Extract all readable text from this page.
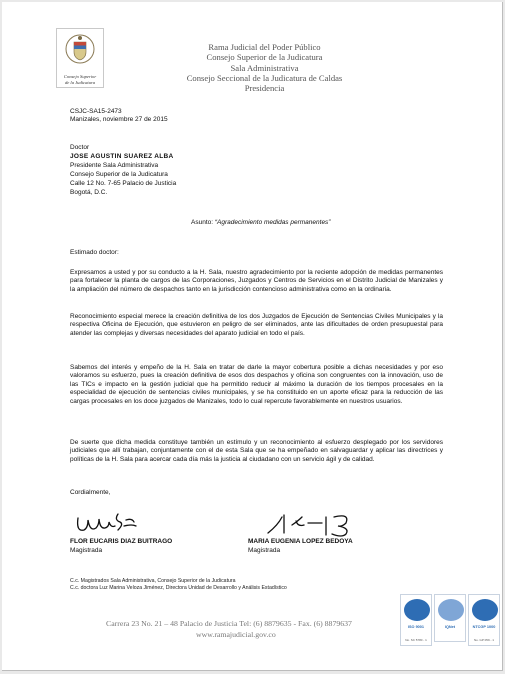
Consejo Superior
de la Judicatura
Rama Judicial del Poder Público
Consejo Superior de la Judicatura
Sala Administrativa
Consejo Seccional de la Judicatura de Caldas
Presidencia
CSJC-SA15-2473
Manizales, noviembre 27 de 2015
Doctor
JOSE AGUSTIN SUAREZ ALBA
Presidente Sala Administrativa
Consejo Superior de la Judicatura
Calle 12 No. 7-65 Palacio de Justicia
Bogotá, D.C.
Asunto: “Agradecimiento medidas permanentes”
Estimado doctor:
Expresamos a usted y por su conducto a la H. Sala, nuestro agradecimiento por la reciente adopción de medidas permanentes para fortalecer la planta de cargos de las Corporaciones, Juzgados y Centros de Servicios en el Distrito Judicial de Manizales y la ampliación del número de despachos tanto en la jurisdicción contencioso administrativa como en la ordinaria.
Reconocimiento especial merece la creación definitiva de los dos Juzgados de Ejecución de Sentencias Civiles Municipales y la respectiva Oficina de Ejecución, que estuvieron en peligro de ser eliminados, ante las dificultades de orden presupuestal para atender las complejas y diversas necesidades del aparato judicial en todo el país.
Sabemos del interés y empeño de la H. Sala en tratar de darle la mayor cobertura posible a dichas necesidades y por eso valoramos su esfuerzo, pues la creación definitiva de esos dos despachos y oficina son congruentes con la innovación, uso de las TICs e impacto en la gestión judicial que ha permitido reducir al máximo la duración de los tiempos procesales en la especialidad de ejecución de sentencias civiles municipales, y se ha constituido en un aporte eficaz para la reducción de las cargas procesales en los doce juzgados de Manizales, todo lo cual repercute favorablemente en nuestros usuarios.
De suerte que dicha medida constituye también un estímulo y un reconocimiento al esfuerzo desplegado por los servidores judiciales que allí trabajan, conjuntamente con el de esta Sala que se ha empeñado en salvaguardar y aplicar las directrices y políticas de la H. Sala para acercar cada día más la justicia al ciudadano con un servicio ágil y de calidad.
Cordialmente,
FLOR EUCARIS DIAZ BUITRAGO
Magistrada
MARIA EUGENIA LOPEZ BEDOYA
Magistrada
C.c. Magistrados Sala Administrativa, Consejo Superior de la Judicatura
C.c. doctora Luz Marina Veloza Jiménez, Directora Unidad de Desarrollo y Análisis Estadístico
Carrera 23 No. 21 – 48 Palacio de Justicia Tel: (6) 8879635 - Fax. (6) 8879637
www.ramajudicial.gov.co
ISO 9001
No. SC 5780 - 1
IQNet	NTCGP 1000
No. GP 059 - 1
